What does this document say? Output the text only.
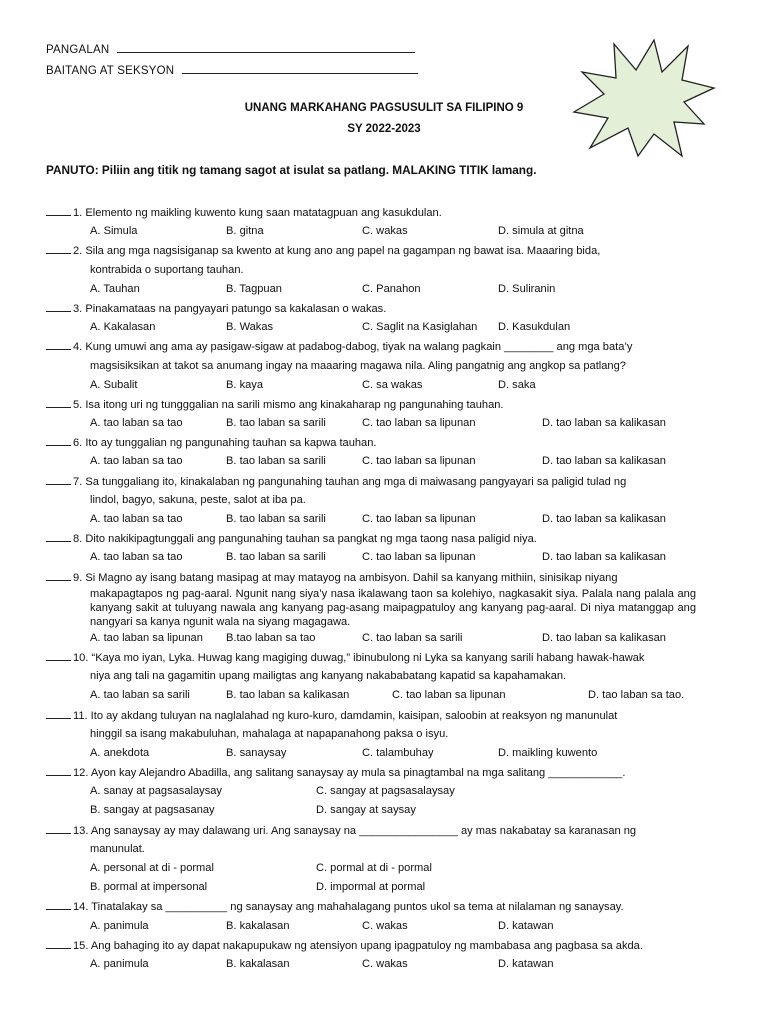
PANGALAN
BAITANG AT SEKSYON
UNANG MARKAHANG PAGSUSULIT SA FILIPINO 9
SY 2022-2023
PANUTO: Piliin ang titik ng tamang sagot at isulat sa patlang. MALAKING TITIK lamang.
1. Elemento ng maikling kuwento kung saan matatagpuan ang kasukdulan.
A. Simula	B. gitna	C. wakas	D. simula at gitna
2. Sila ang mga nagsisiganap sa kwento at kung ano ang papel na gagampan ng bawat isa. Maaaring bida,
kontrabida o suportang tauhan.
A. Tauhan	B. Tagpuan	C. Panahon	D. Suliranin
3. Pinakamataas na pangyayari patungo sa kakalasan o wakas.
A. Kakalasan	B. Wakas	C. Saglit na Kasiglahan D. Kasukdulan
4. Kung umuwi ang ama ay pasigaw-sigaw at padabog-dabog, tiyak na walang pagkain ________ ang mga bata’y
magsisiksikan at takot sa anumang ingay na maaaring magawa nila. Aling pangatnig ang angkop sa patlang?
A. Subalit	B. kaya	C. sa wakas	D. saka
5. Isa itong uri ng tungggalian na sarili mismo ang kinakaharap ng pangunahing tauhan.
A. tao laban sa tao	B. tao laban sa sarili	C. tao laban sa lipunan	D. tao laban sa kalikasan
6. Ito ay tunggalian ng pangunahing tauhan sa kapwa tauhan.
A. tao laban sa tao	B. tao laban sa sarili	C. tao laban sa lipunan	D. tao laban sa kalikasan
7. Sa tunggaliang ito, kinakalaban ng pangunahing tauhan ang mga di maiwasang pangyayari sa paligid tulad ng
lindol, bagyo, sakuna, peste, salot at iba pa.
A. tao laban sa tao	B. tao laban sa sarili	C. tao laban sa lipunan	D. tao laban sa kalikasan
8. Dito nakikipagtunggali ang pangunahing tauhan sa pangkat ng mga taong nasa paligid niya.
A. tao laban sa tao	B. tao laban sa sarili	C. tao laban sa lipunan	D. tao laban sa kalikasan
9. Si Magno ay isang batang masipag at may matayog na ambisyon. Dahil sa kanyang mithiin, sinisikap niyang
makapagtapos ng pag-aaral. Ngunit nang siya’y nasa ikalawang taon sa kolehiyo, nagkasakit siya. Palala nang palala ang kanyang sakit at tuluyang nawala ang kanyang pag-asang maipagpatuloy ang kanyang pag-aaral. Di niya matanggap ang nangyari sa kanya ngunit wala na siyang magagawa.
A. tao laban sa lipunan B.tao laban sa tao	C. tao laban sa sarili	D. tao laban sa kalikasan
10. “Kaya mo iyan, Lyka. Huwag kang magiging duwag,” ibinubulong ni Lyka sa kanyang sarili habang hawak-hawak
niya ang tali na gagamitin upang mailigtas ang kanyang nakababatang kapatid sa kapahamakan.
A. tao laban sa sarili	B. tao laban sa kalikasan	C. tao laban sa lipunan	D. tao laban sa tao.
11. Ito ay akdang tuluyan na naglalahad ng kuro-kuro, damdamin, kaisipan, saloobin at reaksyon ng manunulat
hinggil sa isang makabuluhan, mahalaga at napapanahong paksa o isyu.
A. anekdota	B. sanaysay	C. talambuhay	D. maikling kuwento
12. Ayon kay Alejandro Abadilla, ang salitang sanaysay ay mula sa pinagtambal na mga salitang ____________.
A. sanay at pagsasalaysay	C. sangay at pagsasalaysay
B. sangay at pagsasanay	D. sangay at saysay
13. Ang sanaysay ay may dalawang uri. Ang sanaysay na ________________ ay mas nakabatay sa karanasan ng
manunulat.
A. personal at di - pormal	C. pormal at di - pormal
B. pormal at impersonal	D. impormal at pormal
14. Tinatalakay sa __________ ng sanaysay ang mahahalagang puntos ukol sa tema at nilalaman ng sanaysay.
A. panimula	B. kakalasan	C. wakas	D. katawan
15. Ang bahaging ito ay dapat nakapupukaw ng atensiyon upang ipagpatuloy ng mambabasa ang pagbasa sa akda.
A. panimula	B. kakalasan	C. wakas	D. katawan
